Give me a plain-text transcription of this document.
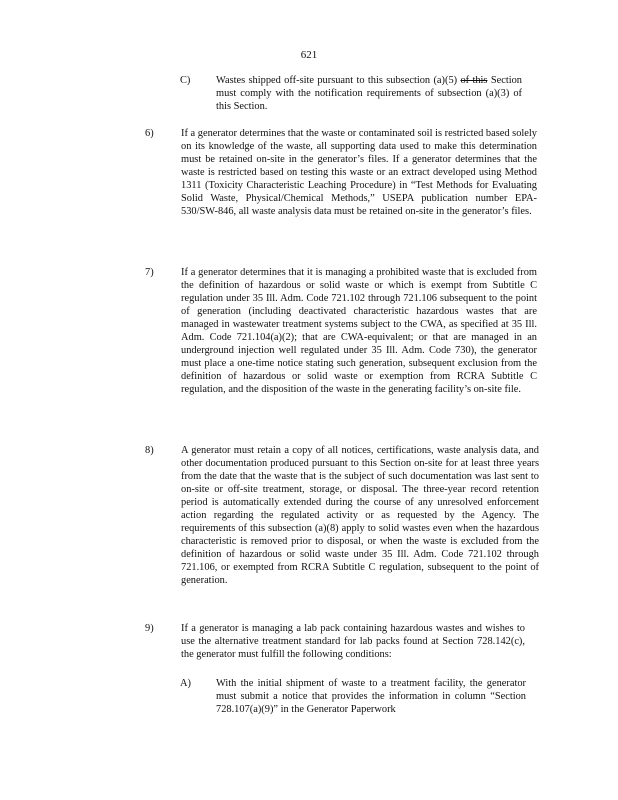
621
C) Wastes shipped off-site pursuant to this subsection (a)(5) of this Section must comply with the notification requirements of subsection (a)(3) of this Section.
6)	If a generator determines that the waste or contaminated soil is restricted based solely on its knowledge of the waste, all supporting data used to make this determination must be retained on-site in the generator’s files. If a generator determines that the waste is restricted based on testing this waste or an extract developed using Method 1311 (Toxicity Characteristic Leaching Procedure) in “Test Methods for Evaluating Solid Waste, Physical/Chemical Methods,” USEPA publication number EPA-530/SW-846, all waste analysis data must be retained on-site in the generator’s files.
7)	If a generator determines that it is managing a prohibited waste that is excluded from the definition of hazardous or solid waste or which is exempt from Subtitle C regulation under 35 Ill. Adm. Code 721.102 through 721.106 subsequent to the point of generation (including deactivated characteristic hazardous wastes that are managed in wastewater treatment systems subject to the CWA, as specified at 35 Ill. Adm. Code 721.104(a)(2); that are CWA-equivalent; or that are managed in an underground injection well regulated under 35 Ill. Adm. Code 730), the generator must place a one-time notice stating such generation, subsequent exclusion from the definition of hazardous or solid waste or exemption from RCRA Subtitle C regulation, and the disposition of the waste in the generating facility’s on-site file.
8)	A generator must retain a copy of all notices, certifications, waste analysis data, and other documentation produced pursuant to this Section on-site for at least three years from the date that the waste that is the subject of such documentation was last sent to on-site or off-site treatment, storage, or disposal. The three-year record retention period is automatically extended during the course of any unresolved enforcement action regarding the regulated activity or as requested by the Agency. The requirements of this subsection (a)(8) apply to solid wastes even when the hazardous characteristic is removed prior to disposal, or when the waste is excluded from the definition of hazardous or solid waste under 35 Ill. Adm. Code 721.102 through 721.106, or exempted from RCRA Subtitle C regulation, subsequent to the point of generation.
9)	If a generator is managing a lab pack containing hazardous wastes and wishes to use the alternative treatment standard for lab packs found at Section 728.142(c), the generator must fulfill the following conditions:
A) With the initial shipment of waste to a treatment facility, the generator must submit a notice that provides the information in column “Section 728.107(a)(9)” in the Generator Paperwork
